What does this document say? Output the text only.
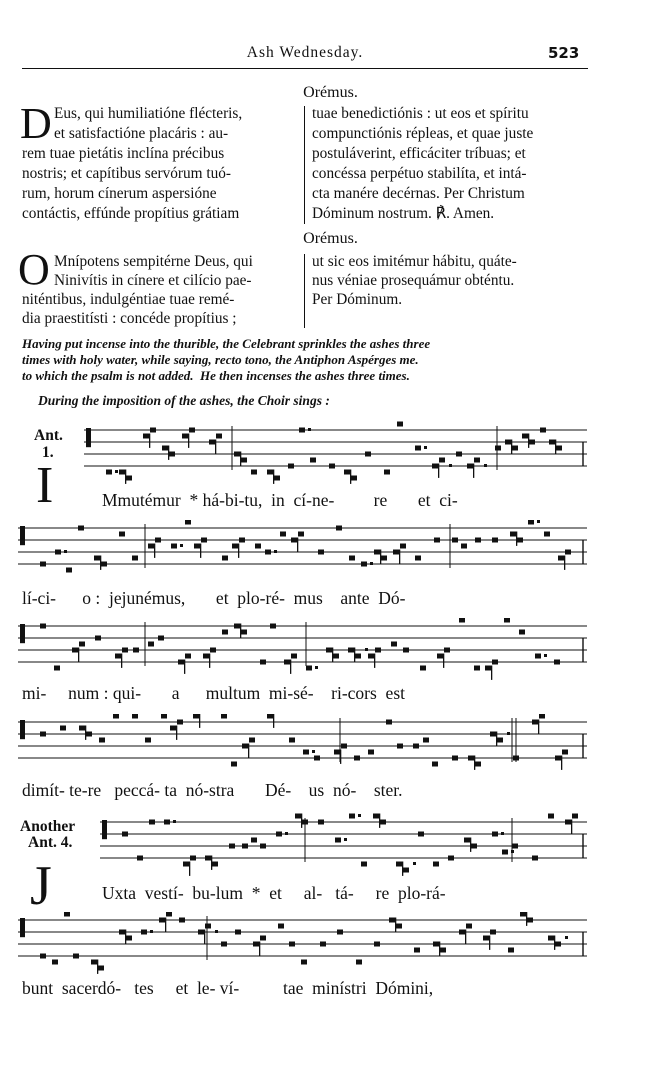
Ash Wednesday.	523
Orémus.
D Eus, qui humiliatióne flécteris,
et satisfactióne placáris : au-
rem tuae pietátis inclína précibus
nostris; et capítibus servórum tuó-
rum, horum cínerum aspersióne
contáctis, effúnde propítius grátiam
tuae benedictiónis : ut eos et spíritu
compunctiónis répleas, et quae juste
postuláverint, efficáciter tríbuas; et
concéssa perpétuo stabilíta, et intá-
cta manére decérnas. Per Christum
Dóminum nostrum. ℟. Amen.
Orémus.
O Mnípotens sempitérne Deus, qui
Ninivítis in cínere et cilício pae-
niténtibus, indulgéntiae tuae remé-
dia praestitísti : concéde propítius ;
ut sic eos imitémur hábitu, quáte-
nus véniae prosequámur obténtu.
Per Dóminum.
Having put incense into the thurible, the Celebrant sprinkles the ashes three
times with holy water, while saying, recto tono, the Antiphon Aspérges me.
to which the psalm is not added.  He then incenses the ashes three times.
During the imposition of the ashes, the Choir sings :
Ant.
1.
I	Mmutémur  * há-bi-tu,  in  cí-ne-         re       et  ci-
lí-ci-      o :  jejunémus,       et  plo-ré-  mus    ante  Dó-
mi-     num : qui-       a      multum  mi-sé-    ri-cors  est
dimít- te-re   peccá- ta  nó-stra       Dé-    us  nó-    ster.
Another
Ant. 4.
J	Uxta  vestí-  bu-lum  *  et     al-   tá-     re  plo-rá-
bunt  sacerdó-   tes     et  le- ví-          tae  minístri  Dómini,
